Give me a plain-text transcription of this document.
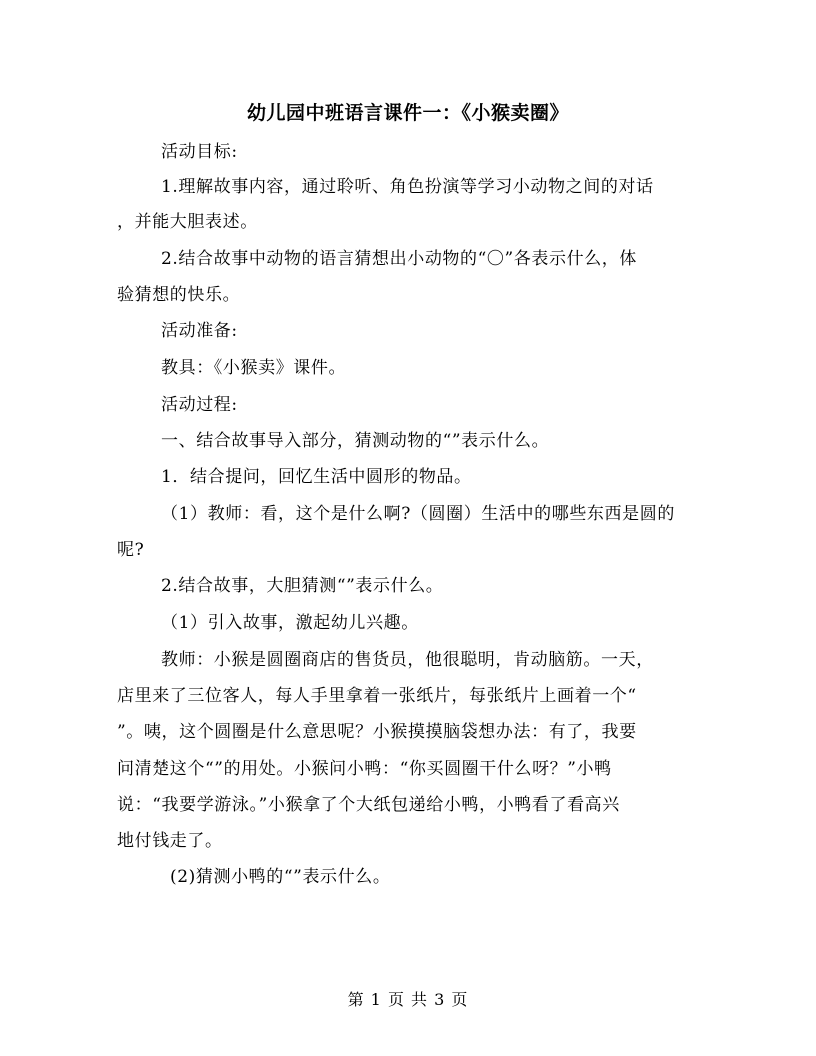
幼儿园中班语言课件一：《小猴卖圈》
活动目标:
1.理解故事内容，通过聆听、角色扮演等学习小动物之间的对话
，并能大胆表述。
2.结合故事中动物的语言猜想出小动物的“〇”各表示什么，体
验猜想的快乐。
活动准备:
教具：《小猴卖》课件。
活动过程:
一、结合故事导入部分，猜测动物的“”表示什么。
1．结合提问，回忆生活中圆形的物品。
（1）教师：看，这个是什么啊?（圆圈）生活中的哪些东西是圆的
呢?
2.结合故事，大胆猜测“”表示什么。
（1）引入故事，激起幼儿兴趣。
教师：小猴是圆圈商店的售货员，他很聪明，肯动脑筋。一天，
店里来了三位客人，每人手里拿着一张纸片，每张纸片上画着一个“
”。咦，这个圆圈是什么意思呢？小猴摸摸脑袋想办法：有了，我要
问清楚这个“”的用处。小猴问小鸭：“你买圆圈干什么呀？”小鸭
说：“我要学游泳。”小猴拿了个大纸包递给小鸭，小鸭看了看高兴
地付钱走了。
(2)猜测小鸭的“”表示什么。
第 1 页 共 3 页
